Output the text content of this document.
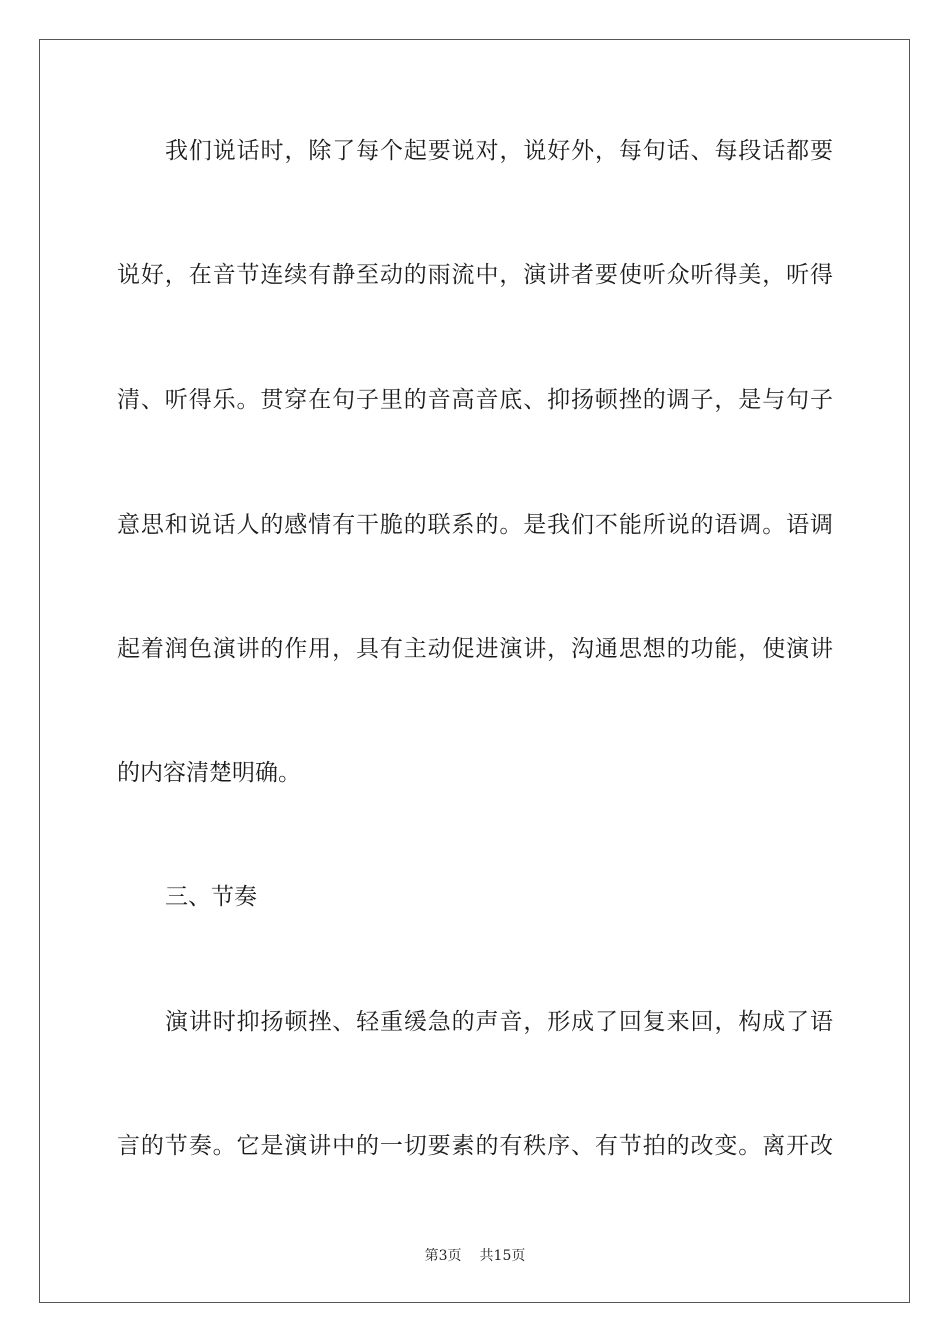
我们说话时，除了每个起要说对，说好外，每句话、每段话都要
说好，在音节连续有静至动的雨流中，演讲者要使听众听得美，听得
清、听得乐。贯穿在句子里的音高音底、抑扬顿挫的调子，是与句子
意思和说话人的感情有干脆的联系的。是我们不能所说的语调。语调
起着润色演讲的作用，具有主动促进演讲，沟通思想的功能，使演讲
的内容清楚明确。
三、节奏
演讲时抑扬顿挫、轻重缓急的声音，形成了回复来回，构成了语
言的节奏。它是演讲中的一切要素的有秩序、有节拍的改变。离开改
第3页 共15页
